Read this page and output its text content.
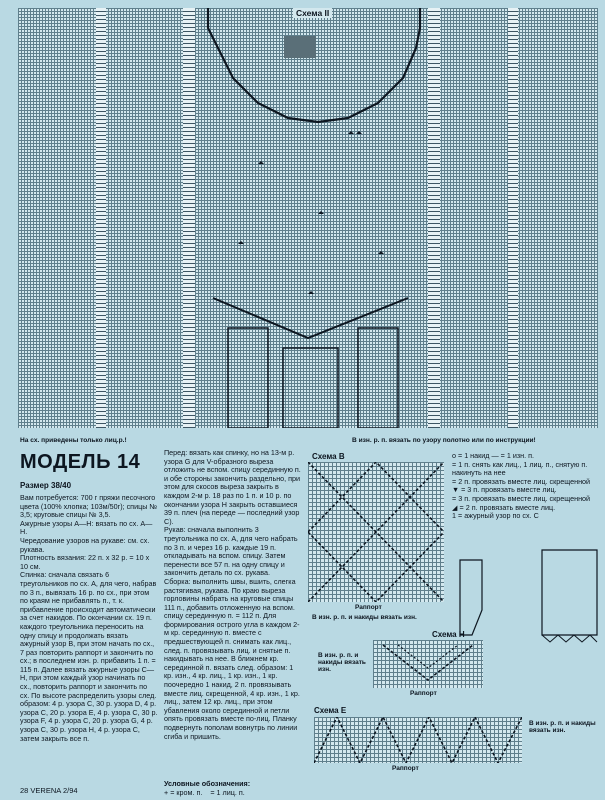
Схема II
На сх. приведены только лиц.р.!	В изн. р. п. вязать по узору полотно или по инструкции!
МОДЕЛЬ 14
Размер 38/40
Вам потребуется: 700 г пряжи песочного цвета (100% хлопка; 103м/50г); спицы № 3,5; круговые спицы № 3,5.
Ажурные узоры А—Н: вязать по сх. А—Н.
Чередование узоров на рукаве: см. сх. рукава.
Плотность вязания: 22 п. х 32 р. = 10 х 10 см.
Спинка: сначала связать 6 треугольников по сх. А, для чего, набрав по 3 п., вывязать 16 р. по сх., при этом по краям не прибавлять п., т. к. прибавление происходит автоматически за счет накидов. По окончании сх. 19 п. каждого треугольника переносить на одну спицу и продолжать вязать ажурный узор В, при этом начать по сх., 7 раз повторить раппорт и закончить по сх.; в последнем изн. р. прибавить 1 п. = 115 п. Далее вязать ажурные узоры С—Н, при этом каждый узор начинать по сх., повторить раппорт и закончить по сх. По высоте распределить узоры след. образом: 4 р. узора С, 30 р. узора D, 4 р. узора С, 20 р. узора Е, 4 р. узора С, 30 р. узора F, 4 р. узора С, 20 р. узора G, 4 р. узора С, 30 р. узора Н, 4 р. узора С, затем закрыть все п.
Перед: вязать как спинку, но на 13-м р. узора G для V-образного выреза отложить не вспом. спицу серединную п. и обе стороны закончить раздельно, при этом для скосов выреза закрыть в каждом 2-м р. 18 раз по 1 п. и 10 р. по окончании узора Н закрыть оставшиеся 39 п. плеч (на переде — последний узор С).
Рукав: сначала выполнить 3 треугольника по сх. А, для чего набрать по 3 п. и через 16 р. каждые 19 п. откладывать на вспом. спицу. Затем перенести все 57 п. на одну спицу и закончить деталь по сх. рукава.
Сборка: выполнить швы, вшить, слегка растягивая, рукава. По краю выреза горловины набрать на круговые спицы 111 п., добавить отложенную на вспом. спицу серединную п. = 112 п. Для формирования острого угла в каждом 2-м кр. серединную п. вместе с предшествующей п. снимать как лиц., след. п. провязывать лиц. и снятые п. накидывать на нее. В ближнем кр. серединной п. вязать след. образом: 1 кр. изн., 4 кр. лиц., 1 кр. изн., 1 кр. поочередно 1 накид, 2 п. провязывать вместе лиц. скрещенной, 4 кр. изн., 1 кр. лиц., затем 12 кр. лиц., при этом убавления около серединной и петли опять провязать вместе по-лиц. Планку подвернуть пополам вовнутрь по линии сгиба и пришить.
Условные обозначения:
+ = кром. п. = 1 лиц. п.
Схема В
Раппорт
В изн. р. п. и накиды вязать изн.
о = 1 накид — = 1 изн. п.
= 1 п. снять как лиц., 1 лиц. п., снятую п. накинуть на нее
= 2 п. провязать вместе лиц. скрещенной
▼ = 3 п. провязать вместе лиц.
= 3 п. провязать вместе лиц. скрещенной
◢ = 2 п. провязать вместе лиц.
1 = ажурный узор по сх. С
Схема Н
Раппорт
В изн. р. п. и накиды вязать изн.
Схема Е
Раппорт
В изн. р. п. и накиды вязать изн.
28 VERENA 2/94
